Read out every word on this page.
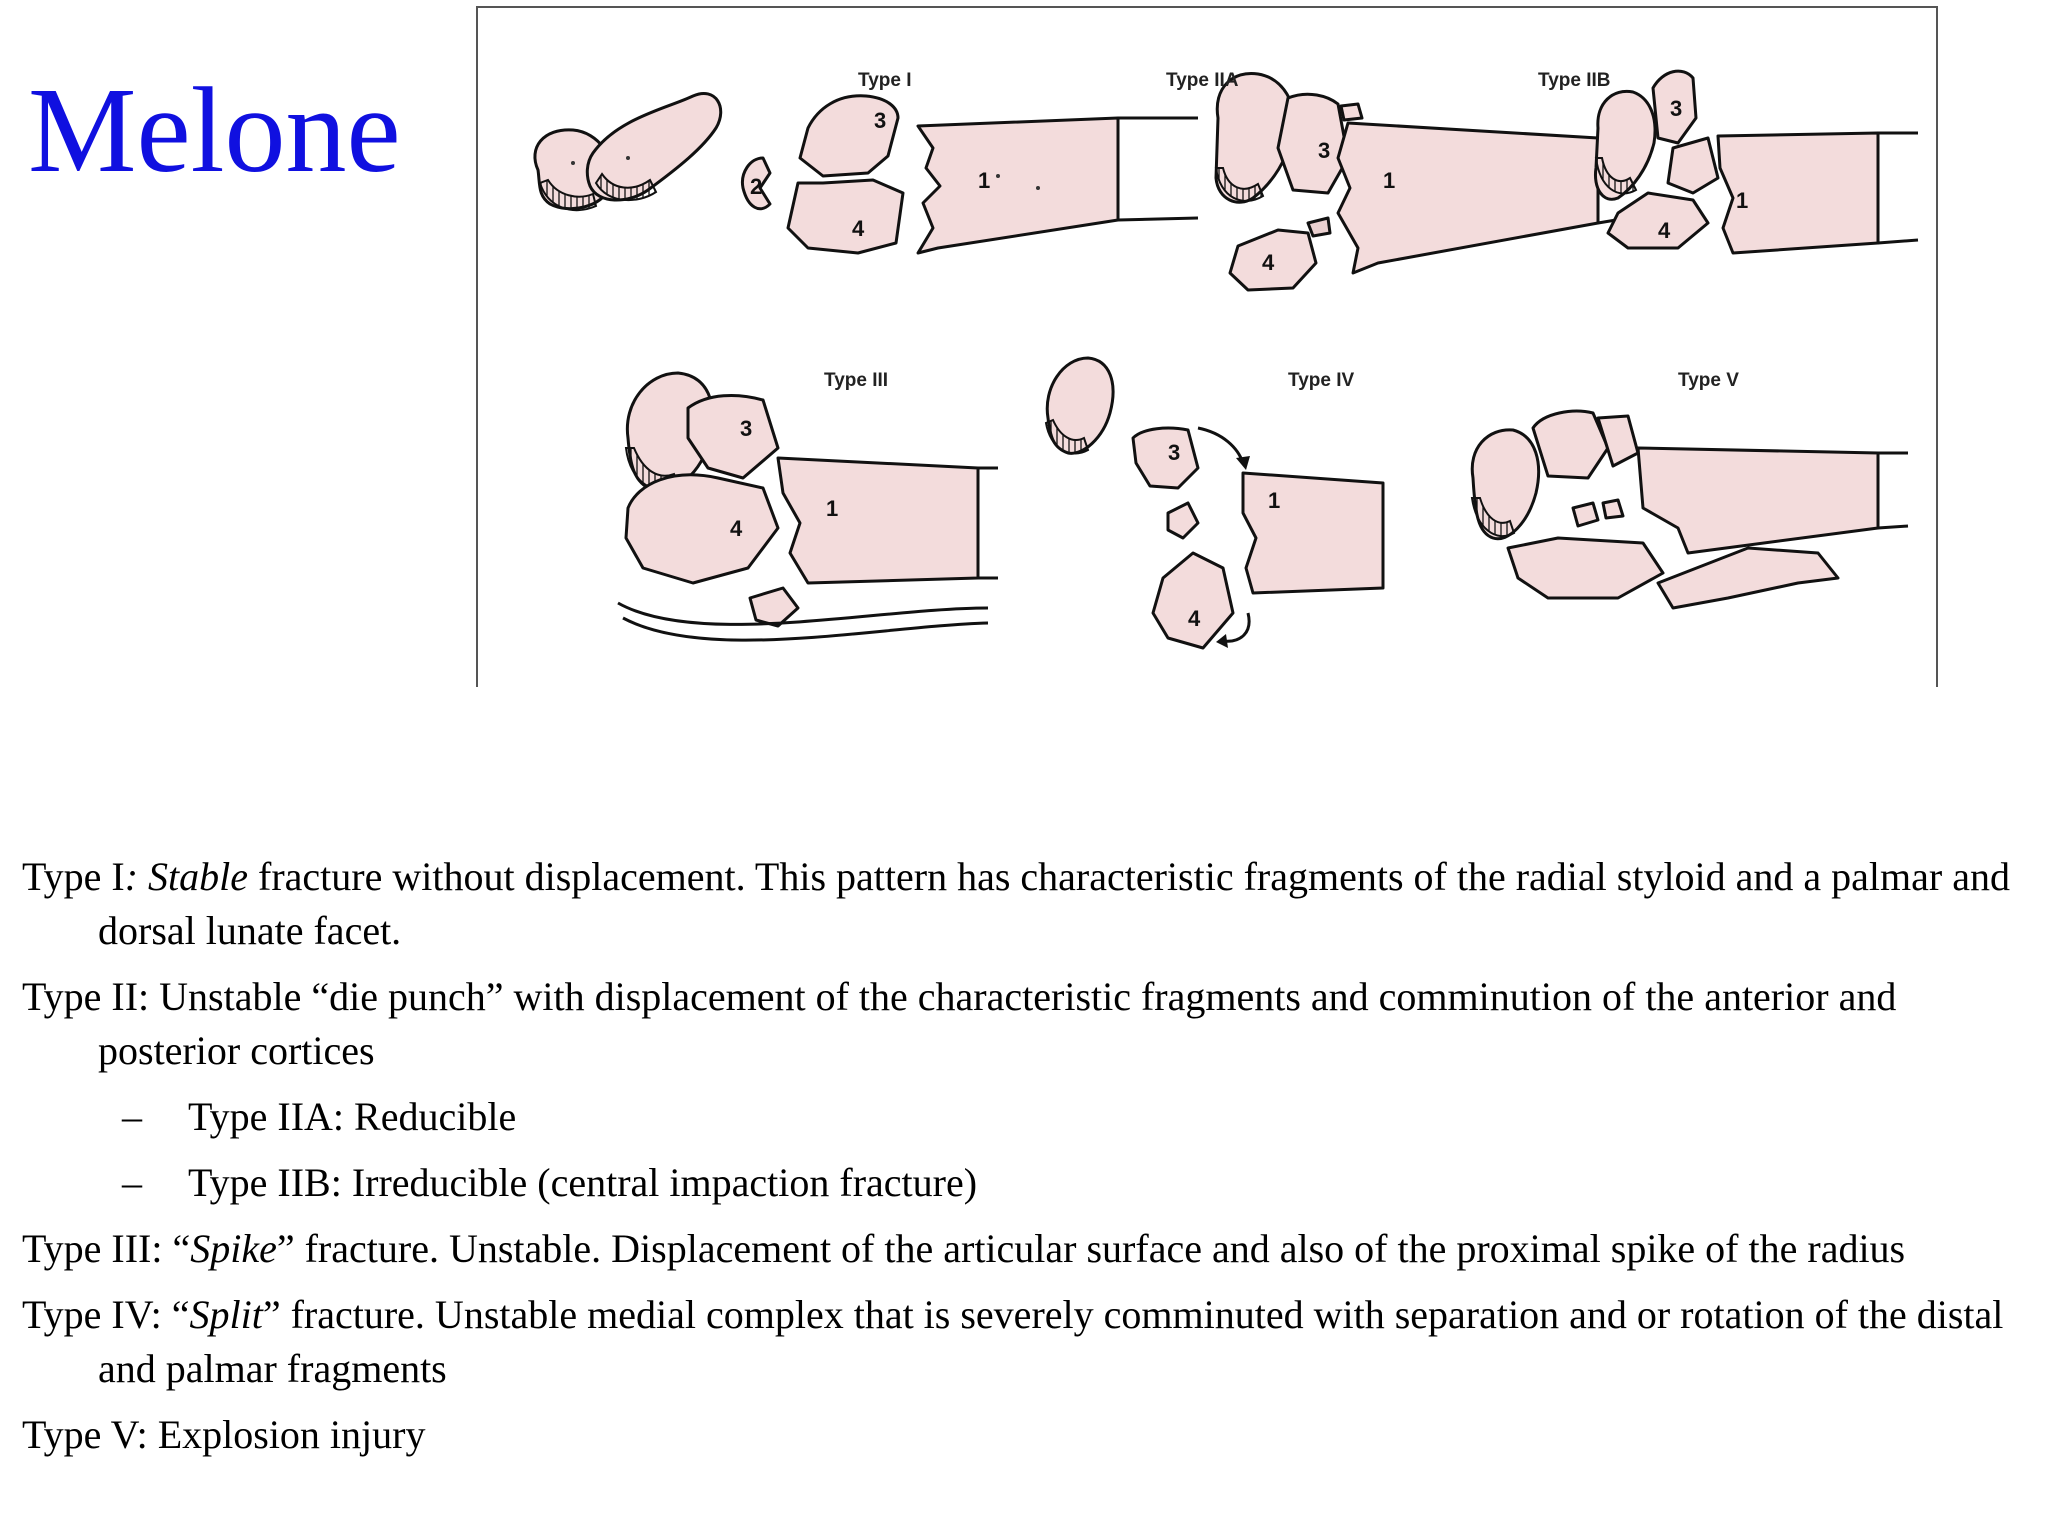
Melone	2
3
4
1
Type I
3
1
4
Type IIA
3
4
1
Type IIB
3
4
1
Type III
3
1
4
Type IV	Type V

Type I: Stable fracture without displacement. This pattern has characteristic fragments of the radial styloid and a palmar and dorsal lunate facet.

Type II: Unstable “die punch” with displacement of the characteristic fragments and comminution of the anterior and posterior cortices

– Type IIA: Reducible

– Type IIB: Irreducible (central impaction fracture)

Type III: “Spike” fracture. Unstable. Displacement of the articular surface and also of the proximal spike of the radius

Type IV: “Split” fracture. Unstable medial complex that is severely comminuted with separation and or rotation of the distal and palmar fragments

Type V: Explosion injury
